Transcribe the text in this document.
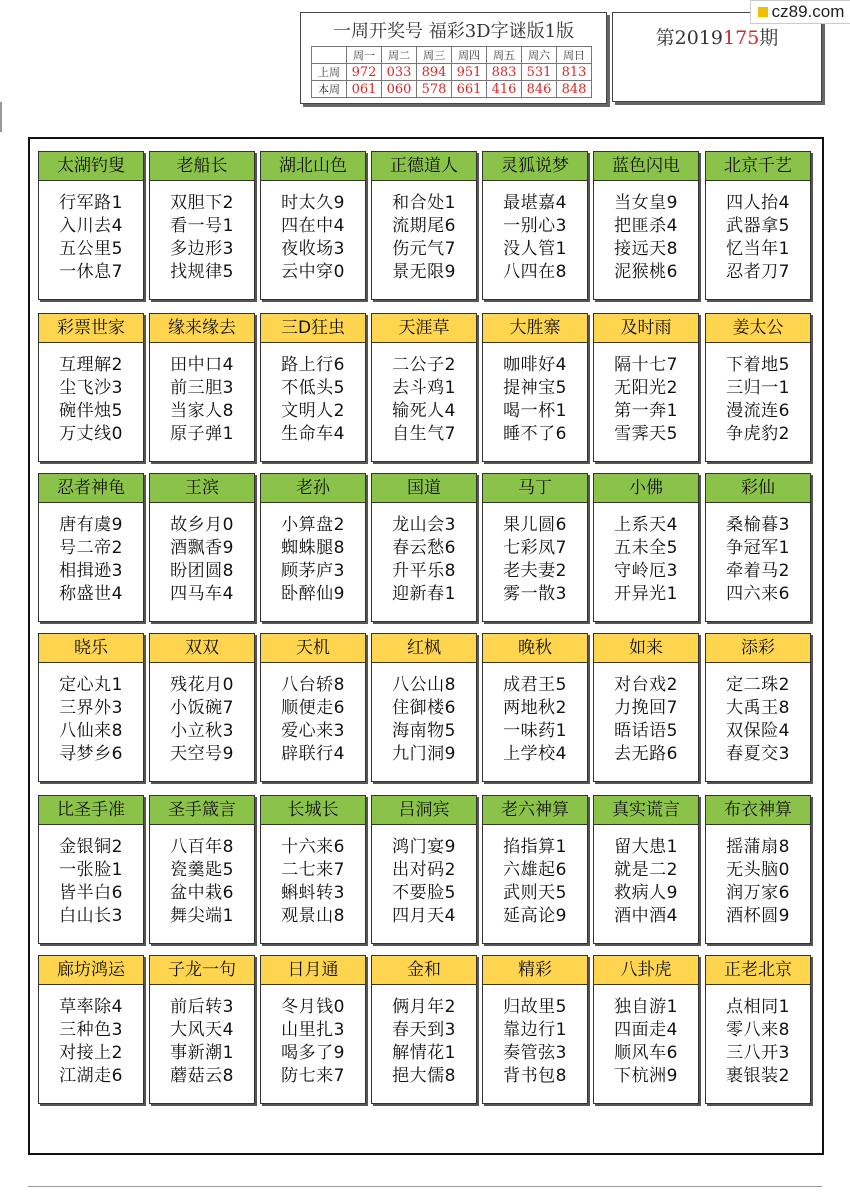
一周开奖号 福彩3D字谜版1版
	周一	周二	周三	周四	周五	周六	周日
上周	972	033	894	951	883	531	813
本周	061	060	578	661	416	846	848
第2019175期
cz89.com
太湖钓叟
行军路1
入川去4
五公里5
一休息7
老船长
双胆下2
看一号1
多边形3
找规律5
湖北山色
时太久9
四在中4
夜收场3
云中穿0
正德道人
和合处1
流期尾6
伤元气7
景无限9
灵狐说梦
最堪嘉4
一别心3
没人管1
八四在8
蓝色闪电
当女皇9
把匪杀4
接远天8
泥猴桃6
北京千艺
四人抬4
武器拿5
忆当年1
忍者刀7
彩票世家
互理解2
尘飞沙3
碗伴烛5
万丈线0
缘来缘去
田中口4
前三胆3
当家人8
原子弹1
三D狂虫
路上行6
不低头5
文明人2
生命车4
天涯草
二公子2
去斗鸡1
输死人4
自生气7
大胜寨
咖啡好4
提神宝5
喝一杯1
睡不了6
及时雨
隔十七7
无阳光2
第一奔1
雪霁天5
姜太公
下着地5
三归一1
漫流连6
争虎豹2
忍者神龟
唐有虞9
号二帝2
相揖逊3
称盛世4
王滨
故乡月0
酒飘香9
盼团圆8
四马车4
老孙
小算盘2
蜘蛛腿8
顾茅庐3
卧醉仙9
国道
龙山会3
春云愁6
升平乐8
迎新春1
马丁
果儿圆6
七彩凤7
老夫妻2
雾一散3
小佛
上系天4
五未全5
守岭厄3
开异光1
彩仙
桑榆暮3
争冠军1
牵着马2
四六来6
晓乐
定心丸1
三界外3
八仙来8
寻梦乡6
双双
残花月0
小饭碗7
小立秋3
天空号9
天机
八台轿8
顺便走6
爱心来3
辟联行4
红枫
八公山8
住御楼6
海南物5
九门洞9
晚秋
成君王5
两地秋2
一味药1
上学校4
如来
对台戏2
力挽回7
晤话语5
去无路6
添彩
定二珠2
大禹王8
双保险4
春夏交3
比圣手准
金银铜2
一张脸1
皆半白6
白山长3
圣手箴言
八百年8
瓷羹匙5
盆中栽6
舞尖端1
长城长
十六来6
二七来7
蝌蚪转3
观景山8
吕洞宾
鸿门宴9
出对码2
不要脸5
四月天4
老六神算
掐指算1
六雄起6
武则天5
延高论9
真实谎言
留大患1
就是二2
救病人9
酒中酒4
布衣神算
摇蒲扇8
无头脑0
润万家6
酒杯圆9
廊坊鸿运
草率除4
三种色3
对接上2
江湖走6
子龙一句
前后转3
大风天4
事新潮1
蘑菇云8
日月通
冬月钱0
山里扎3
喝多了9
防七来7
金和
俩月年2
春天到3
解情花1
挹大儒8
精彩
归故里5
靠边行1
奏管弦3
背书包8
八卦虎
独自游1
四面走4
顺风车6
下杭洲9
正老北京
点相同1
零八来8
三八开3
裹银装2
